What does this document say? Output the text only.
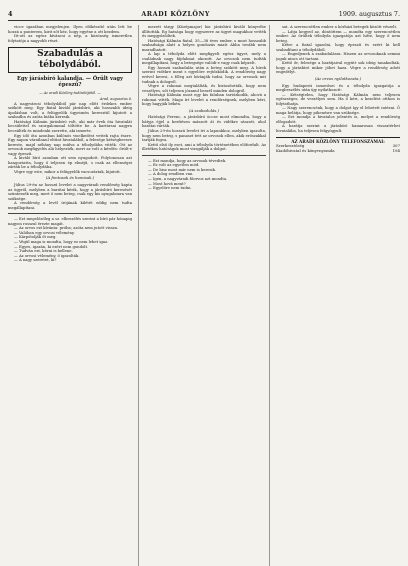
4	ARADI KÖZLÖNY	1909. augusztus 7.

vicce igazában megjelenjen. Ilyen előkészítő után lett be hozzá a ponterem, kirit sőt kéz, hogy egyéne a ott kezdem.

Itt-ott az egész kíváncsi a nép, a közönség ismeretlen folytatója a nagyobb részt.

Szabadulás a tébolydából.
Egy járásbíró kalandja. — Őrült vagy épeszű?
— Az aradi Közlöny tudósítójától. —
Arad, augusztus 6.

A nagyvárosi tébolydából pár nap előtt érdekes ember szökött meg. Egy fiatal kiváló járásbíró, aki hosszabb ideig ápolásban volt, a felügyelők ügyeimén keresztül kijutott a szabadba és azóta hiába keresik.

Hatósági Kálmán járásbíró volt, aki már évek óta hivatalát becsülettel és szorgalommal töltötte be. A kartársai nagyra becsülték és mindenki szerette, aki ismerte.

Egy idő óta azonban különös viselkedést vettek rajta észre. Egy napon váratlanul eltűnt hivatalából, a felesége kétségbeesve kereste, majd néhány nap múlva a tébolydába vitték. Ott az orvosok megfigyelés alá helyezték, mert az volt a kérdés: őrült-e vagy épeszű.

A kiváló bíró azonban ott sem nyugodott. Folytonosan azt hangoztatta, hogy ő teljesen ép elméjű, s csak az ellenségei zárták be a tébolydába.

Végre egy este, mikor a felügyelők vacsoráztak, kijutott.

(A fontosak és hamisak.)

Július 29-én az hosszú levelet a nagyváradi rendőrség kapta az ügyről, melyben a barátai kérik, hogy a járásbíró keresését szüntessék meg, mert ő nem beteg, csak egy kis nyugalomra van szüksége.

A rendőrség a levél írójának kilétét eddig nem tudta megállapítani.

— Ezt megelőzőleg a sz. elbeszélés szerint a bíró pár hónapig nagyon rosszul érezte magát.

— Az orvos ezt kívánta: próba; azóta nem jutott vissza.

— Valóban egy orvosi vélemény.

— Kárpótolják őt meg.

— Végül maga is mondta, hogy ez nem lehet igaz.

— Egyes, igazán, ki ezért nem gondolt.

— Tudván ezt, kérni is kellene.

— Az orvosi vélemény, ő igazolták.

— A nagy szeretet, ki?

mezett tárgy (Középmajor) kir. járásbíró kiváló könyvébe állították. Eg hatsága hogy egyszerre az ügyet magukhoz vették és meggyőződtek.

Hatósági Kálmán fiatal, 35—38 éves ember, s most hosszabb szabadsága alatt a helyes gondozás miatt Abba tovább nem maradhatott.

A lap a tébolyda előtt megfigyelt egész ügyet, mely a családnak nagy fájdalmat okozott. Az orvosok nem tudták megállapítani, hogy a betegsége valódi-e vagy csak képzelt.

Egy hosszú szabadulás után a beteg szökött meg. A hírek szerint vidékre ment s egyelőre rejtőzködik. A rendőrség nagy erővel keresi, s főleg azt kívánják tudni, hogy az orvosok mit tudnak a dologról.

Végre a rokonai megtalálták, és biztosították, hogy nem veszélyes, sőt teljesen józanul beszél minden dologról.

Hatósági Kálmán most egy kis faluban tartózkodik, ahová a rokonai vitték. Maga írt levelet a rendőrségnek, melyben kéri, hogy hagyják békén.

(A szabadulás.)

Hatósági Ferenc, a járásbíró öccse most elmondta, hogy a bátyja éjjel a kerítésen mászott át és vidékre utazott, ahol barátai várták.

Július 29-én hosszú levelet írt a lapunkhoz, melyben igazolta, hogy nem beteg, s panaszt tett az orvosok ellen, akik erőszakkal tartják fogva.

Kettő első ily eset, ami a tébolyda történetében előfordult. Az illetékes hatóságok most vizsgálják a dolgot.

— Ezt mondja, hogy az orvosok tévedtek.

— Ez volt az egyetlen mód.

— De hisz most már nem is keresik.

— A dolog rendben van.

— Igen, a nagyváradi főorvos azt mondta.

— Most hová ment?

— Egyelőre nem tudni.

sat. A szerencsétlen ember a kórházi betegek között vészelt.

— Látja kegyed az, döntöttem — mondta egy szerencsétlen ember. Az őrültek tébolyda igazgatója azt hitte, hogy ő nem beteg.

Kétre a fiatal igazolni, hogy épeszű és ezért ki kell szabadítani a tébolydából.

— Engedjenek a szabadulásra. Hiszen az orvosoknak semmi joguk nincs ott tartani.

Kettő őr, felesége a barátjaival együtt sok ideig tanakodtak, hogy a járásbíró mikor jöhet haza. Végre a rendőrség adott engedélyt.

(Az orvos nyilatkozata.)

Egy budapesti ismerősei és a tébolyda igazgatója a megbeszélés után így nyilatkozott:

— Kétségtelen, hogy Hatósági Kálmán nem teljesen egészséges, de veszélyes sem. Ha ő kéri, a kezelést otthon is folytathatja.

— Nagy szerencsénk, hogy a dolgot így el lehetett intézni. Ő maga belátja, hogy pihenésre van szüksége.

— Ezt mondja a hivatalos jelentés is, melyet a rendőrség elfogadott.

A barátja szerint a járásbíró hamarosan visszatérhet hivatalába, ha teljesen felgyógyult.

AZ ARADI KÖZLÖNY TELEFONSZÁMAI:
Szerkesztőség	307
Kiadóhivatal és könyvnyomda	194
